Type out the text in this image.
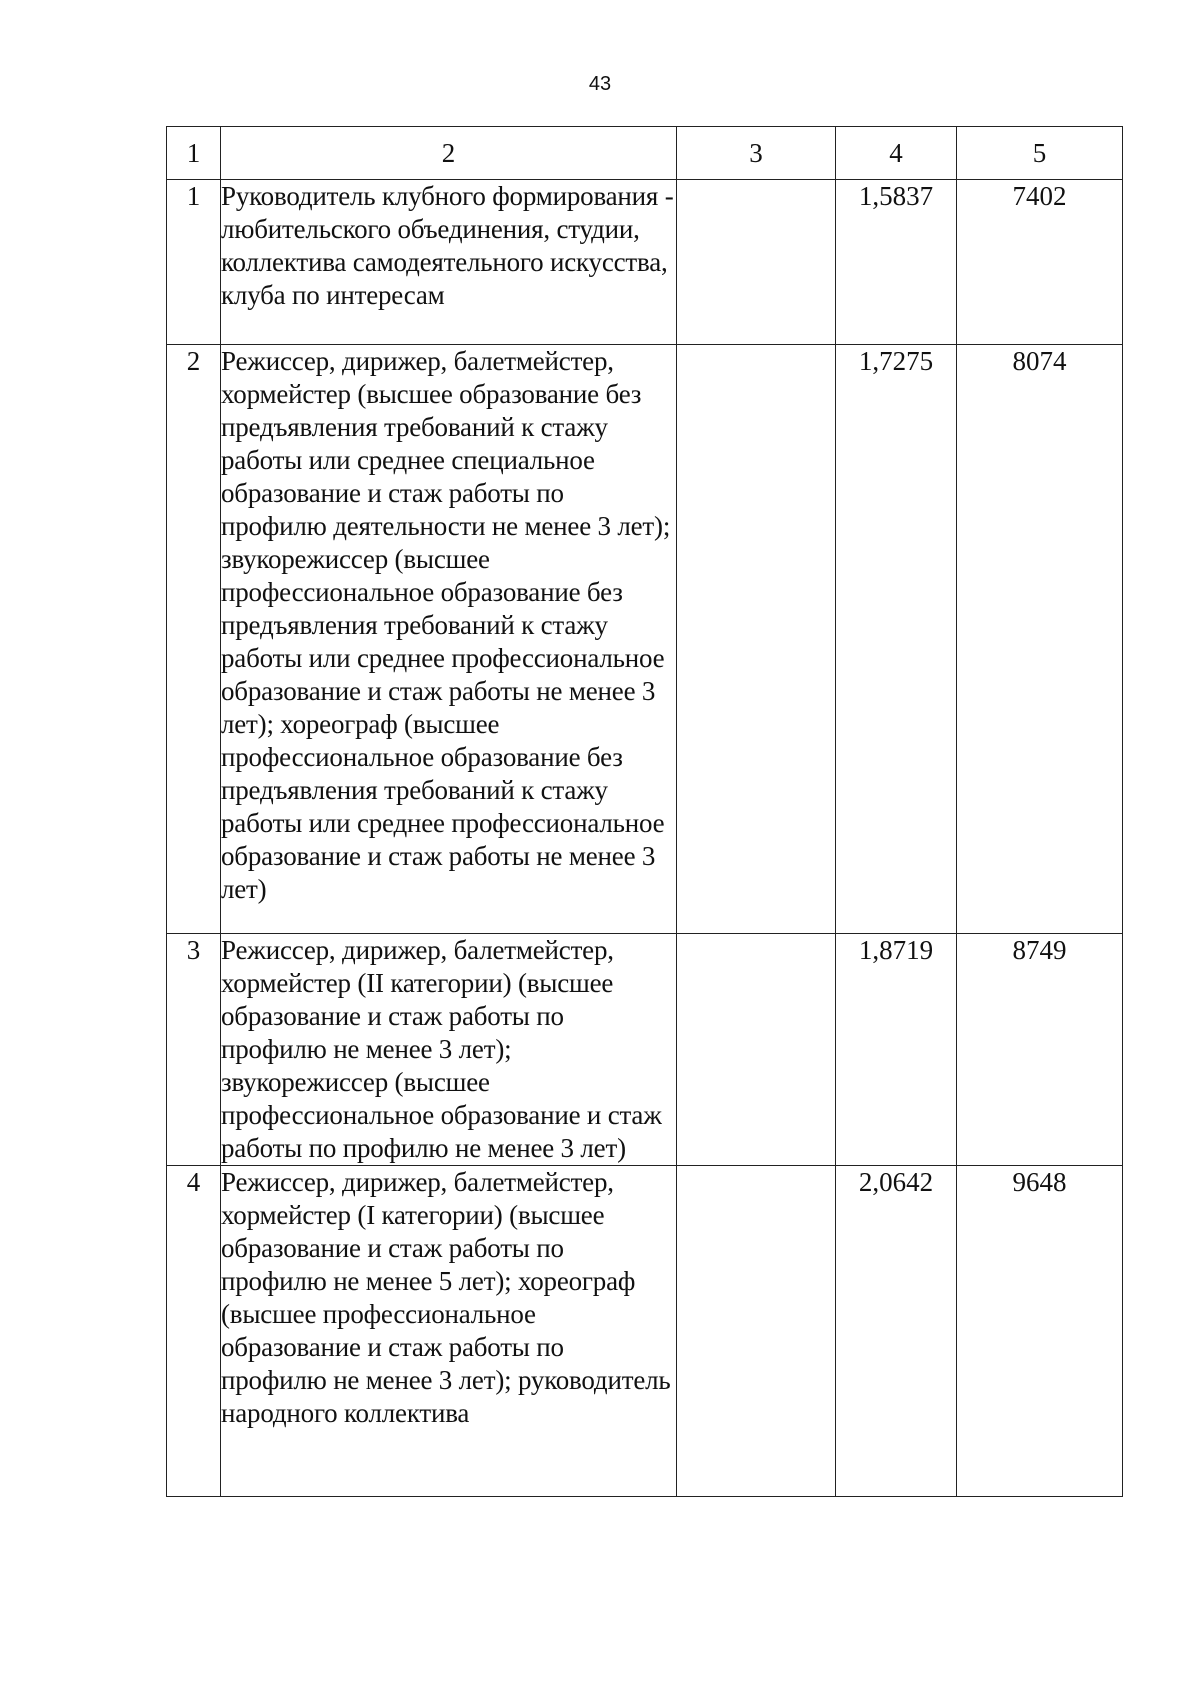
43
1	2	3	4	5
1	Руководитель клубного формирования - любительского объединения, студии, коллектива самодеятельного искусства, клуба по интересам		1,5837	7402
2	Режиссер, дирижер, балетмейстер, хормейстер (высшее образование без предъявления требований к стажу работы или среднее специальное образование и стаж работы по профилю деятельности не менее 3 лет); звукорежиссер (высшее профессиональное образование без предъявления требований к стажу работы или среднее профессиональное образование и стаж работы не менее 3 лет); хореограф (высшее профессиональное образование без предъявления требований к стажу работы или среднее профессиональное образование и стаж работы не менее 3 лет)		1,7275	8074
3	Режиссер, дирижер, балетмейстер, хормейстер (II категории) (высшее образование и стаж работы по профилю не менее 3 лет); звукорежиссер (высшее профессиональное образование и стаж работы по профилю не менее 3 лет)		1,8719	8749
4	Режиссер, дирижер, балетмейстер, хормейстер (I категории) (высшее образование и стаж работы по профилю не менее 5 лет); хореограф (высшее профессиональное образование и стаж работы по профилю не менее 3 лет); руководитель народного коллектива		2,0642	9648
